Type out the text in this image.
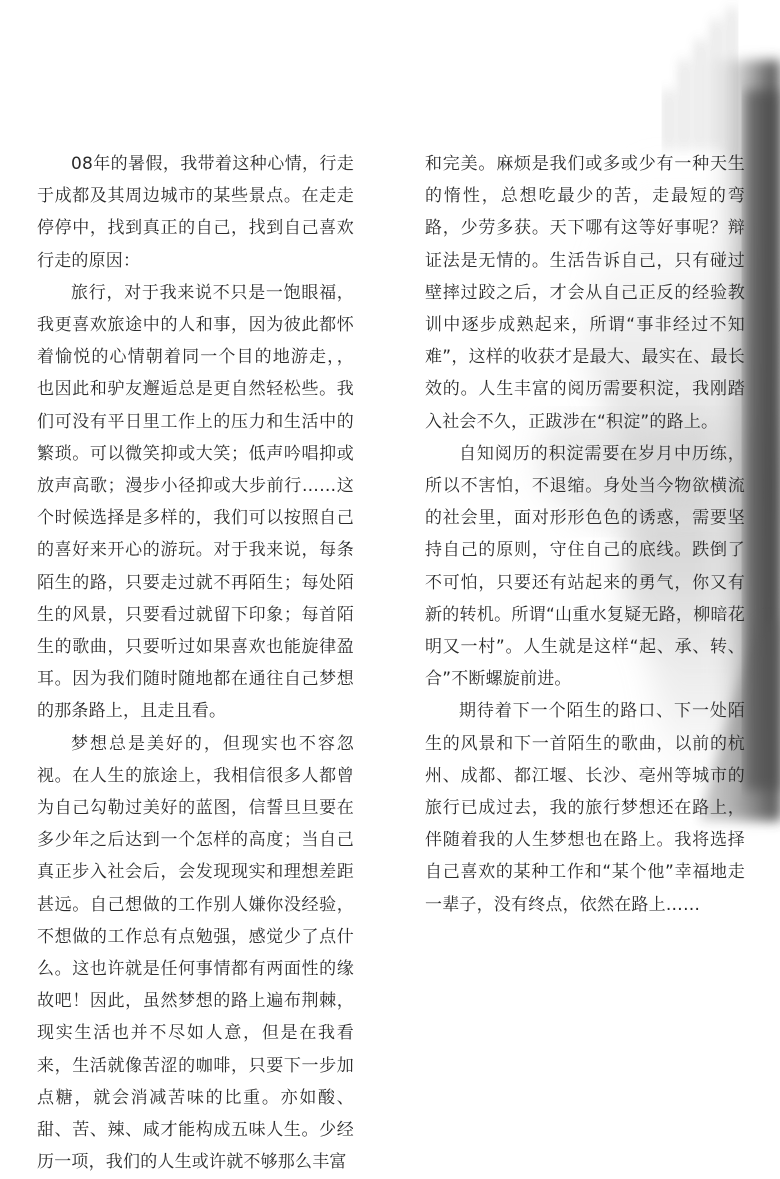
08年的暑假，我带着这种心情，行走于成都及其周边城市的某些景点。在走走停停中，找到真正的自己，找到自己喜欢行走的原因：

旅行，对于我来说不只是一饱眼福，我更喜欢旅途中的人和事，因为彼此都怀着愉悦的心情朝着同一个目的地游走，，也因此和驴友邂逅总是更自然轻松些。我们可没有平日里工作上的压力和生活中的繁琐。可以微笑抑或大笑；低声吟唱抑或放声高歌；漫步小径抑或大步前行……这个时候选择是多样的，我们可以按照自己的喜好来开心的游玩。对于我来说，每条陌生的路，只要走过就不再陌生；每处陌生的风景，只要看过就留下印象；每首陌生的歌曲，只要听过如果喜欢也能旋律盈耳。因为我们随时随地都在通往自己梦想的那条路上，且走且看。

梦想总是美好的，但现实也不容忽视。在人生的旅途上，我相信很多人都曾为自己勾勒过美好的蓝图，信誓旦旦要在多少年之后达到一个怎样的高度；当自己真正步入社会后，会发现现实和理想差距甚远。自己想做的工作别人嫌你没经验，不想做的工作总有点勉强，感觉少了点什么。这也许就是任何事情都有两面性的缘故吧！因此，虽然梦想的路上遍布荆棘，现实生活也并不尽如人意，但是在我看来，生活就像苦涩的咖啡，只要下一步加点糖，就会消减苦味的比重。亦如酸、甜、苦、辣、咸才能构成五味人生。少经历一项，我们的人生或许就不够那么丰富

和完美。麻烦是我们或多或少有一种天生的惰性，总想吃最少的苦，走最短的弯路，少劳多获。天下哪有这等好事呢？辩证法是无情的。生活告诉自己，只有碰过壁摔过跤之后，才会从自己正反的经验教训中逐步成熟起来，所谓“事非经过不知难”，这样的收获才是最大、最实在、最长效的。人生丰富的阅历需要积淀，我刚踏入社会不久，正跋涉在“积淀”的路上。

自知阅历的积淀需要在岁月中历练，所以不害怕，不退缩。身处当今物欲横流的社会里，面对形形色色的诱惑，需要坚持自己的原则，守住自己的底线。跌倒了不可怕，只要还有站起来的勇气，你又有新的转机。所谓“山重水复疑无路，柳暗花明又一村”。人生就是这样“起、承、转、合”不断螺旋前进。

期待着下一个陌生的路口、下一处陌生的风景和下一首陌生的歌曲，以前的杭州、成都、都江堰、长沙、亳州等城市的旅行已成过去，我的旅行梦想还在路上，伴随着我的人生梦想也在路上。我将选择自己喜欢的某种工作和“某个他”幸福地走一辈子，没有终点，依然在路上……
